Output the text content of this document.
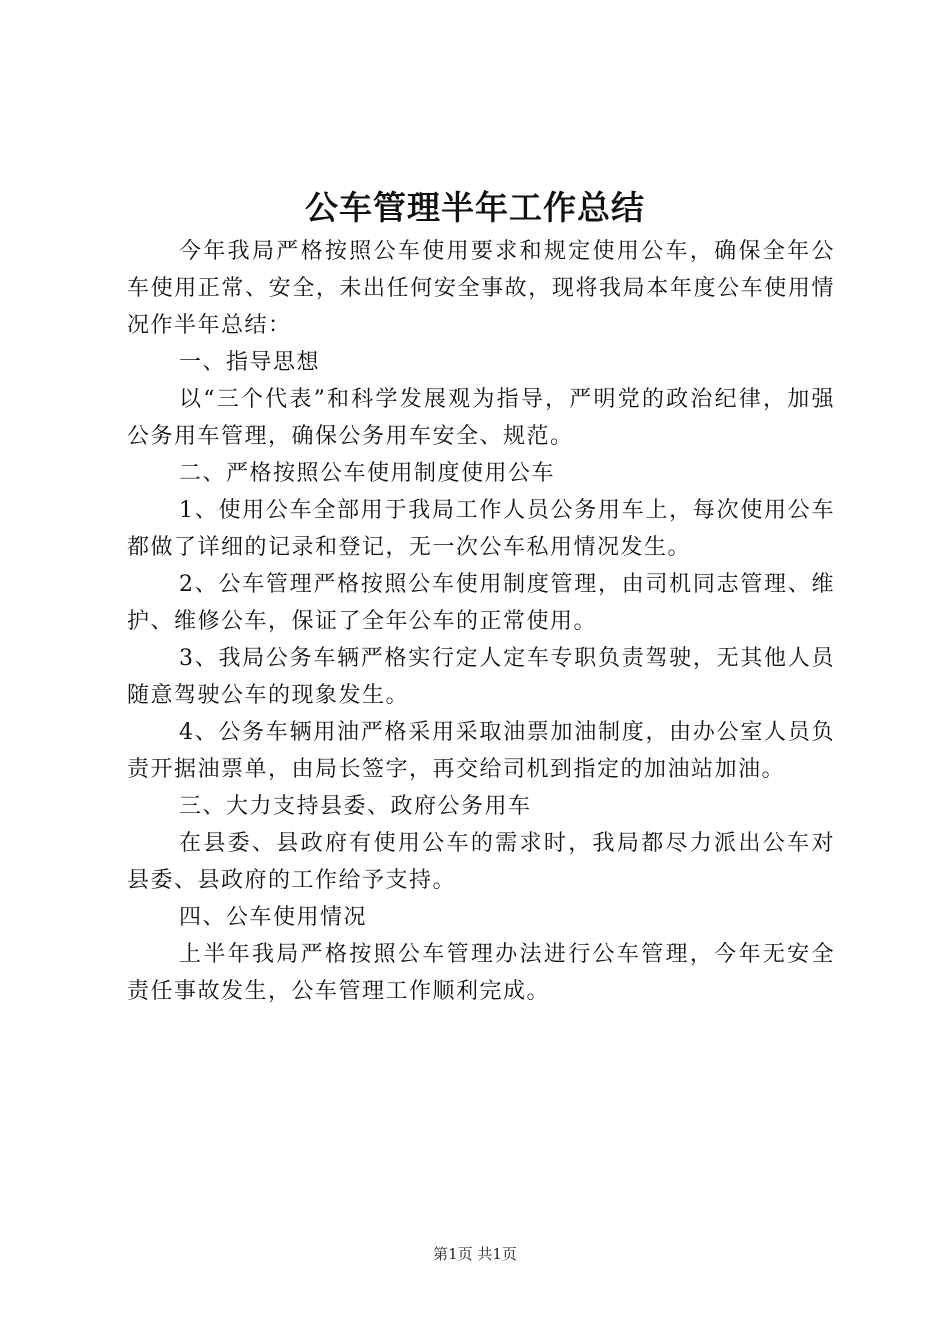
公车管理半年工作总结

今年我局严格按照公车使用要求和规定使用公车，确保全年公车使用正常、安全，未出任何安全事故，现将我局本年度公车使用情况作半年总结：

一、指导思想

以“三个代表”和科学发展观为指导，严明党的政治纪律，加强公务用车管理，确保公务用车安全、规范。

二、严格按照公车使用制度使用公车

1、使用公车全部用于我局工作人员公务用车上，每次使用公车都做了详细的记录和登记，无一次公车私用情况发生。

2、公车管理严格按照公车使用制度管理，由司机同志管理、维护、维修公车，保证了全年公车的正常使用。

3、我局公务车辆严格实行定人定车专职负责驾驶，无其他人员随意驾驶公车的现象发生。

4、公务车辆用油严格采用采取油票加油制度，由办公室人员负责开据油票单，由局长签字，再交给司机到指定的加油站加油。

三、大力支持县委、政府公务用车

在县委、县政府有使用公车的需求时，我局都尽力派出公车对县委、县政府的工作给予支持。

四、公车使用情况

上半年我局严格按照公车管理办法进行公车管理，今年无安全责任事故发生，公车管理工作顺利完成。

第1页 共1页
